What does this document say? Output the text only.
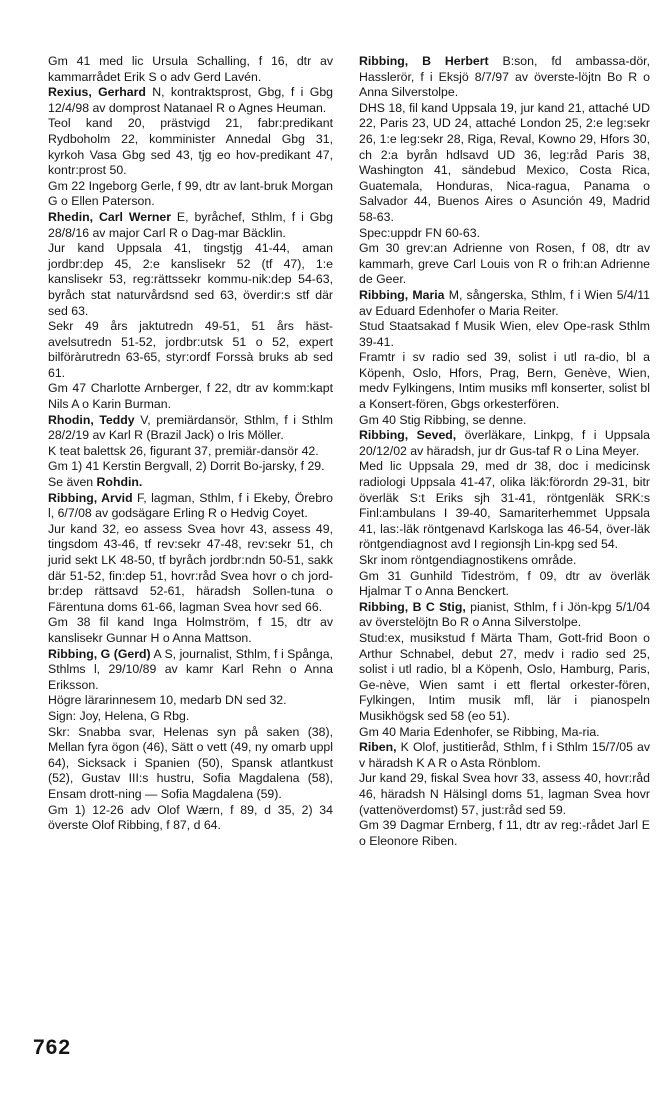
Gm 41 med lic Ursula Schalling, f 16, dtr av kammarrådet Erik S o adv Gerd Lavén.

Rexius, Gerhard N, kontraktsprost, Gbg, f i Gbg 12/4/98 av domprost Natanael R o Agnes Heuman.

Teol kand 20, prästvigd 21, fabr:predikant Rydboholm 22, komminister Annedal Gbg 31, kyrkoh Vasa Gbg sed 43, tjg eo hov-predikant 47, kontr:prost 50.

Gm 22 Ingeborg Gerle, f 99, dtr av lant-bruk Morgan G o Ellen Paterson.

Rhedin, Carl Werner E, byråchef, Sthlm, f i Gbg 28/8/16 av major Carl R o Dag-mar Bäcklin.

Jur kand Uppsala 41, tingstjg 41-44, aman jordbr:dep 45, 2:e kanslisekr 52 (tf 47), 1:e kanslisekr 53, reg:rättssekr kommu-nik:dep 54-63, byråch stat naturvårdsnd sed 63, överdir:s stf där sed 63.

Sekr 49 års jaktutredn 49-51, 51 års häst-avelsutredn 51-52, jordbr:utsk 51 o 52, expert bilföràrutredn 63-65, styr:ordf Forssà bruks ab sed 61.

Gm 47 Charlotte Arnberger, f 22, dtr av komm:kapt Nils A o Karin Burman.

Rhodin, Teddy V, premiärdansör, Sthlm, f i Sthlm 28/2/19 av Karl R (Brazil Jack) o Iris Möller.

K teat balettsk 26, figurant 37, premiär-dansör 42.

Gm 1) 41 Kerstin Bergvall, 2) Dorrit Bo-jarsky, f 29.

Se även Rohdin.

Ribbing, Arvid F, lagman, Sthlm, f i Ekeby, Örebro l, 6/7/08 av godsägare Erling R o Hedvig Coyet.

Jur kand 32, eo assess Svea hovr 43, assess 49, tingsdom 43-46, tf rev:sekr 47-48, rev:sekr 51, ch jurid sekt LK 48-50, tf byråch jordbr:ndn 50-51, sakk där 51-52, fin:dep 51, hovr:råd Svea hovr o ch jord-br:dep rättsavd 52-61, häradsh Sollen-tuna o Färentuna doms 61-66, lagman Svea hovr sed 66.

Gm 38 fil kand Inga Holmström, f 15, dtr av kanslisekr Gunnar H o Anna Mattson.

Ribbing, G (Gerd) A S, journalist, Sthlm, f i Spånga, Sthlms l, 29/10/89 av kamr Karl Rehn o Anna Eriksson.

Högre lärarinnesem 10, medarb DN sed 32.

Sign: Joy, Helena, G Rbg.

Skr: Snabba svar, Helenas syn på saken (38), Mellan fyra ögon (46), Sätt o vett (49, ny omarb uppl 64), Sicksack i Spanien (50), Spansk atlantkust (52), Gustav III:s hustru, Sofia Magdalena (58), Ensam drott-ning — Sofia Magdalena (59).

Gm 1) 12-26 adv Olof Wærn, f 89, d 35, 2) 34 överste Olof Ribbing, f 87, d 64.

Ribbing, B Herbert B:son, fd ambassa-dör, Hasslerör, f i Eksjö 8/7/97 av överste-löjtn Bo R o Anna Silverstolpe.

DHS 18, fil kand Uppsala 19, jur kand 21, attaché UD 22, Paris 23, UD 24, attaché London 25, 2:e leg:sekr 26, 1:e leg:sekr 28, Riga, Reval, Kowno 29, Hfors 30, ch 2:a byrån hdlsavd UD 36, leg:råd Paris 38, Washington 41, sändebud Mexico, Costa Rica, Guatemala, Honduras, Nica-ragua, Panama o Salvador 44, Buenos Aires o Asunción 49, Madrid 58-63.

Spec:uppdr FN 60-63.

Gm 30 grev:an Adrienne von Rosen, f 08, dtr av kammarh, greve Carl Louis von R o frih:an Adrienne de Geer.

Ribbing, Maria M, sångerska, Sthlm, f i Wien 5/4/11 av Eduard Edenhofer o Maria Reiter.

Stud Staatsakad f Musik Wien, elev Ope-rask Sthlm 39-41.

Framtr i sv radio sed 39, solist i utl ra-dio, bl a Köpenh, Oslo, Hfors, Prag, Bern, Genève, Wien, medv Fylkingens, Intim musiks mfl konserter, solist bl a Konsert-fören, Gbgs orkesterfören.

Gm 40 Stig Ribbing, se denne.

Ribbing, Seved, överläkare, Linkpg, f i Uppsala 20/12/02 av häradsh, jur dr Gus-taf R o Lina Meyer.

Med lic Uppsala 29, med dr 38, doc i medicinsk radiologi Uppsala 41-47, olika läk:förordn 29-31, bitr överläk S:t Eriks sjh 31-41, röntgenläk SRK:s Finl:ambulans I 39-40, Samariterhemmet Uppsala 41, las:-läk röntgenavd Karlskoga las 46-54, över-läk röntgendiagnost avd I regionsjh Lin-kpg sed 54.

Skr inom röntgendiagnostikens område.

Gm 31 Gunhild Tideström, f 09, dtr av överläk Hjalmar T o Anna Benckert.

Ribbing, B C Stig, pianist, Sthlm, f i Jön-kpg 5/1/04 av överstelöjtn Bo R o Anna Silverstolpe.

Stud:ex, musikstud f Märta Tham, Gott-frid Boon o Arthur Schnabel, debut 27, medv i radio sed 25, solist i utl radio, bl a Köpenh, Oslo, Hamburg, Paris, Ge-nève, Wien samt i ett flertal orkester-fören, Fylkingen, Intim musik mfl, lär i pianospeln Musikhögsk sed 58 (eo 51).

Gm 40 Maria Edenhofer, se Ribbing, Ma-ria.

Riben, K Olof, justitieråd, Sthlm, f i Sthlm 15/7/05 av v häradsh K A R o Asta Rönblom.

Jur kand 29, fiskal Svea hovr 33, assess 40, hovr:råd 46, häradsh N Hälsingl doms 51, lagman Svea hovr (vattenöverdomst) 57, just:råd sed 59.

Gm 39 Dagmar Ernberg, f 11, dtr av reg:-rådet Jarl E o Eleonore Riben.

762
